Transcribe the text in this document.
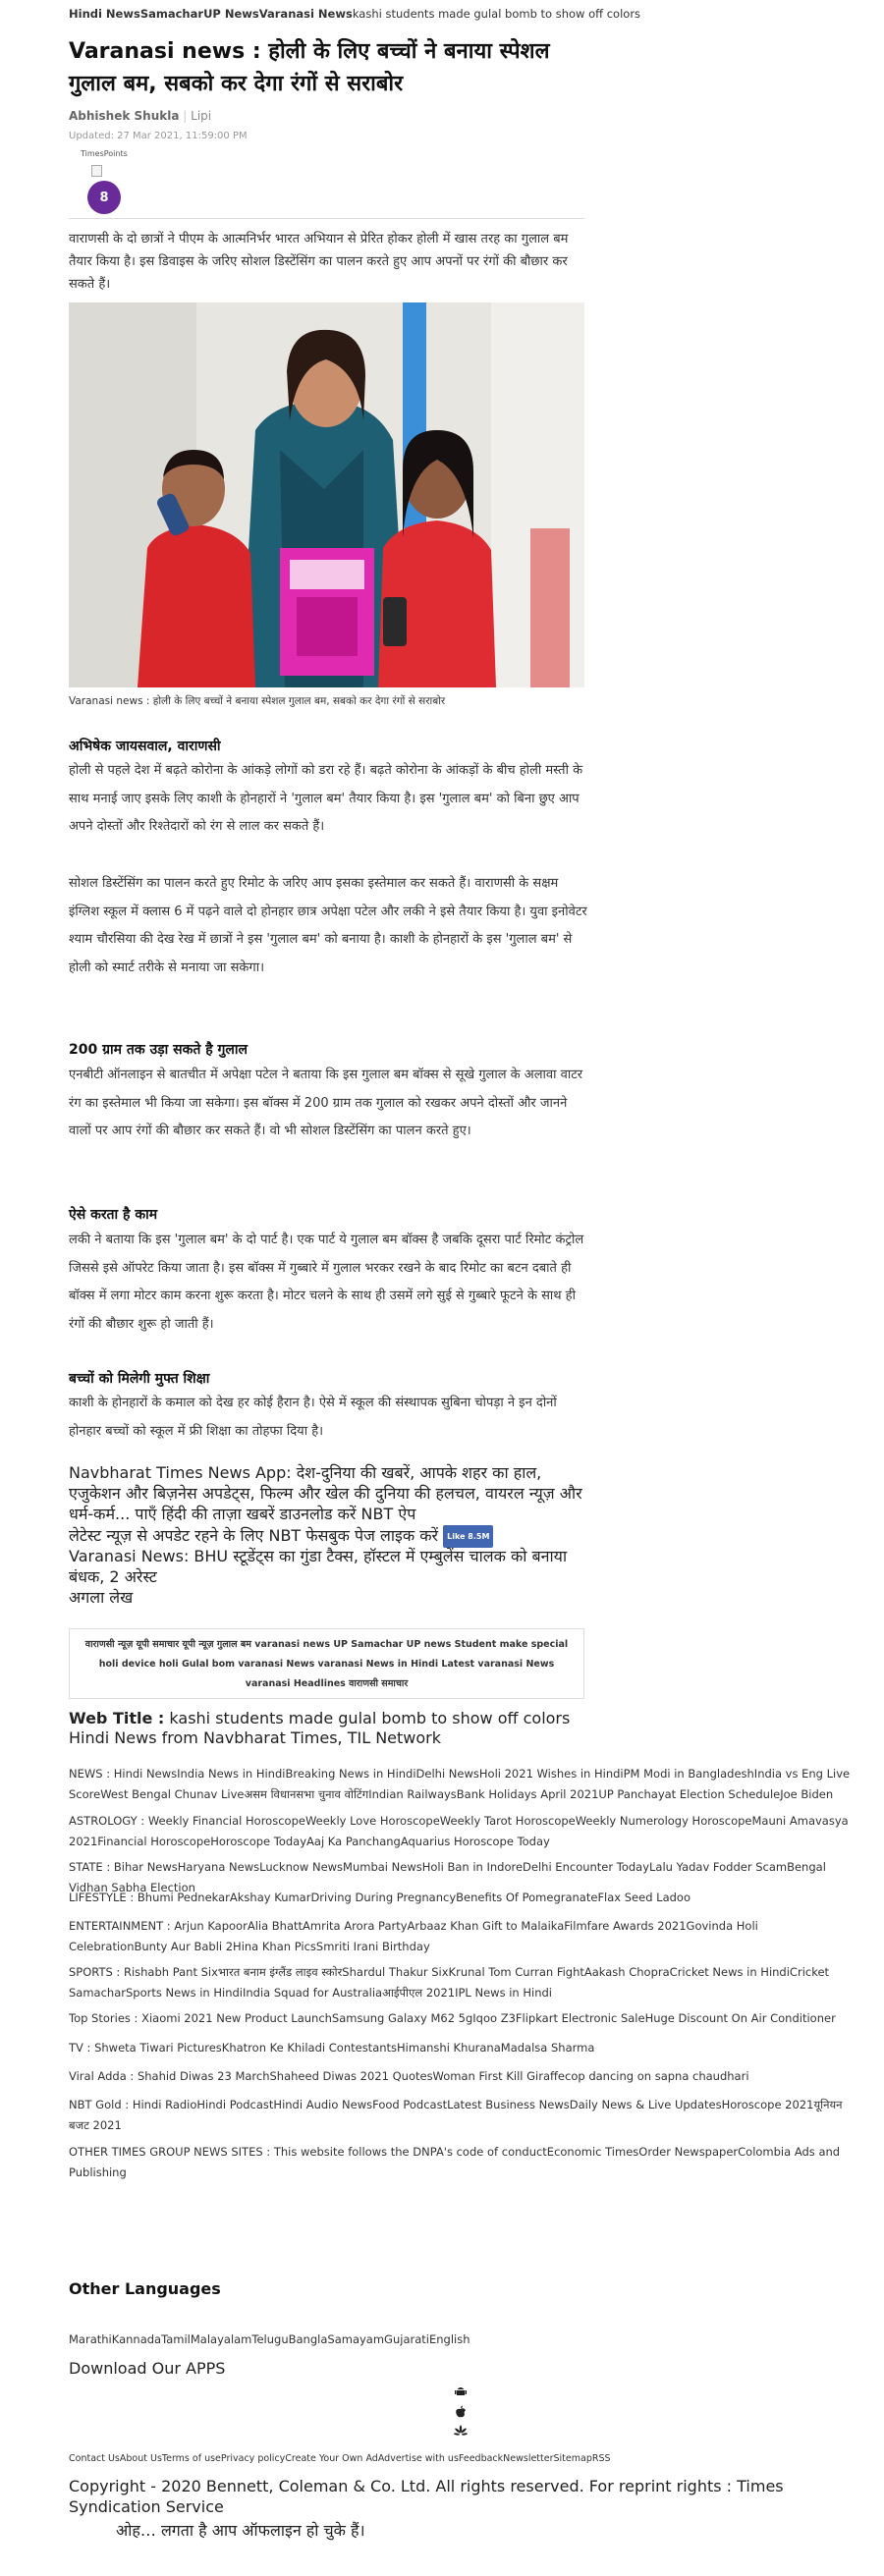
Hindi NewsSamacharUP NewsVaranasi Newskashi students made gulal bomb to show off colors
Varanasi news : होली के लिए बच्चों ने बनाया स्पेशल गुलाल बम, सबको कर देगा रंगों से सराबोर
Abhishek Shukla | Lipi
Updated: 27 Mar 2021, 11:59:00 PM
TimesPoints
8

वाराणसी के दो छात्रों ने पीएम के आत्मनिर्भर भारत अभियान से प्रेरित होकर होली में खास तरह का गुलाल बम तैयार किया है। इस डिवाइस के जरिए सोशल डिस्टेंसिंग का पालन करते हुए आप अपनों पर रंगों की बौछार कर सकते हैं।

Varanasi news : होली के लिए बच्चों ने बनाया स्पेशल गुलाल बम, सबको कर देगा रंगों से सराबोर
अभिषेक जायसवाल, वाराणसी

होली से पहले देश में बढ़ते कोरोना के आंकड़े लोगों को डरा रहे हैं। बढ़ते कोरोना के आंकड़ों के बीच होली मस्ती के साथ मनाई जाए इसके लिए काशी के होनहारों ने 'गुलाल बम' तैयार किया है। इस 'गुलाल बम' को बिना छुए आप अपने दोस्तों और रिश्तेदारों को रंग से लाल कर सकते हैं।

सोशल डिस्टेंसिंग का पालन करते हुए रिमोट के जरिए आप इसका इस्तेमाल कर सकते हैं। वाराणसी के सक्षम इंग्लिश स्कूल में क्लास 6 में पढ़ने वाले दो होनहार छात्र अपेक्षा पटेल और लकी ने इसे तैयार किया है। युवा इनोवेटर श्याम चौरसिया की देख रेख में छात्रों ने इस 'गुलाल बम' को बनाया है। काशी के होनहारों के इस 'गुलाल बम' से होली को स्मार्ट तरीके से मनाया जा सकेगा।

200 ग्राम तक उड़ा सकते है गुलाल

एनबीटी ऑनलाइन से बातचीत में अपेक्षा पटेल ने बताया कि इस गुलाल बम बॉक्स से सूखे गुलाल के अलावा वाटर रंग का इस्तेमाल भी किया जा सकेगा। इस बॉक्स में 200 ग्राम तक गुलाल को रखकर अपने दोस्तों और जानने वालों पर आप रंगों की बौछार कर सकते हैं। वो भी सोशल डिस्टेंसिंग का पालन करते हुए।

ऐसे करता है काम

लकी ने बताया कि इस 'गुलाल बम' के दो पार्ट है। एक पार्ट ये गुलाल बम बॉक्स है जबकि दूसरा पार्ट रिमोट कंट्रोल जिससे इसे ऑपरेट किया जाता है। इस बॉक्स में गुब्बारे में गुलाल भरकर रखने के बाद रिमोट का बटन दबाते ही बॉक्स में लगा मोटर काम करना शुरू करता है। मोटर चलने के साथ ही उसमें लगे सुई से गुब्बारे फूटने के साथ ही रंगों की बौछार शुरू हो जाती हैं।

बच्चों को मिलेगी मुफ्त शिक्षा

काशी के होनहारों के कमाल को देख हर कोई हैरान है। ऐसे में स्कूल की संस्थापक सुबिना चोपड़ा ने इन दोनों होनहार बच्चों को स्कूल में फ्री शिक्षा का तोहफा दिया है।

Navbharat Times News App: देश-दुनिया की खबरें, आपके शहर का हाल, एजुकेशन और बिज़नेस अपडेट्स, फिल्म और खेल की दुनिया की हलचल, वायरल न्यूज़ और धर्म-कर्म... पाएँ हिंदी की ताज़ा खबरें डाउनलोड करें NBT ऐप
लेटेस्ट न्यूज़ से अपडेट रहने के लिए NBT फेसबुक पेज लाइक करें Like 8.5M
Varanasi News: BHU स्टूडेंट्स का गुंडा टैक्स, हॉस्टल में एम्बुलेंस चालक को बनाया बंधक, 2 अरेस्ट
अगला लेख
वाराणसी न्यूज़ यूपी समाचार यूपी न्यूज़ गुलाल बम varanasi news UP Samachar UP news Student make special holi device holi Gulal bom varanasi News varanasi News in Hindi Latest varanasi News varanasi Headlines वाराणसी समाचार
Web Title : kashi students made gulal bomb to show off colors
Hindi News from Navbharat Times, TIL Network
NEWS : Hindi NewsIndia News in HindiBreaking News in HindiDelhi NewsHoli 2021 Wishes in HindiPM Modi in BangladeshIndia vs Eng Live ScoreWest Bengal Chunav Liveअसम विधानसभा चुनाव वोटिंगIndian RailwaysBank Holidays April 2021UP Panchayat Election ScheduleJoe Biden
ASTROLOGY : Weekly Financial HoroscopeWeekly Love HoroscopeWeekly Tarot HoroscopeWeekly Numerology HoroscopeMauni Amavasya 2021Financial HoroscopeHoroscope TodayAaj Ka PanchangAquarius Horoscope Today
STATE : Bihar NewsHaryana NewsLucknow NewsMumbai NewsHoli Ban in IndoreDelhi Encounter TodayLalu Yadav Fodder ScamBengal Vidhan Sabha Election
LIFESTYLE : Bhumi PednekarAkshay KumarDriving During PregnancyBenefits Of PomegranateFlax Seed Ladoo
ENTERTAINMENT : Arjun KapoorAlia BhattAmrita Arora PartyArbaaz Khan Gift to MalaikaFilmfare Awards 2021Govinda Holi CelebrationBunty Aur Babli 2Hina Khan PicsSmriti Irani Birthday
SPORTS : Rishabh Pant Sixभारत बनाम इंग्लैंड लाइव स्कोरShardul Thakur SixKrunal Tom Curran FightAakash ChopraCricket News in HindiCricket SamacharSports News in HindiIndia Squad for Australiaआईपीएल 2021IPL News in Hindi
Top Stories : Xiaomi 2021 New Product LaunchSamsung Galaxy M62 5gIqoo Z3Flipkart Electronic SaleHuge Discount On Air Conditioner
TV : Shweta Tiwari PicturesKhatron Ke Khiladi ContestantsHimanshi KhuranaMadalsa Sharma
Viral Adda : Shahid Diwas 23 MarchShaheed Diwas 2021 QuotesWoman First Kill Giraffecop dancing on sapna chaudhari
NBT Gold : Hindi RadioHindi PodcastHindi Audio NewsFood PodcastLatest Business NewsDaily News & Live UpdatesHoroscope 2021यूनियन बजट 2021
OTHER TIMES GROUP NEWS SITES : This website follows the DNPA's code of conductEconomic TimesOrder NewspaperColombia Ads and Publishing
Other Languages
MarathiKannadaTamilMalayalamTeluguBanglaSamayamGujaratiEnglish
Download Our APPS
Contact UsAbout UsTerms of usePrivacy policyCreate Your Own AdAdvertise with usFeedbackNewsletterSitemapRSS
Copyright - 2020 Bennett, Coleman & Co. Ltd. All rights reserved. For reprint rights : Times Syndication Service
ओह… लगता है आप ऑफलाइन हो चुके हैं।
